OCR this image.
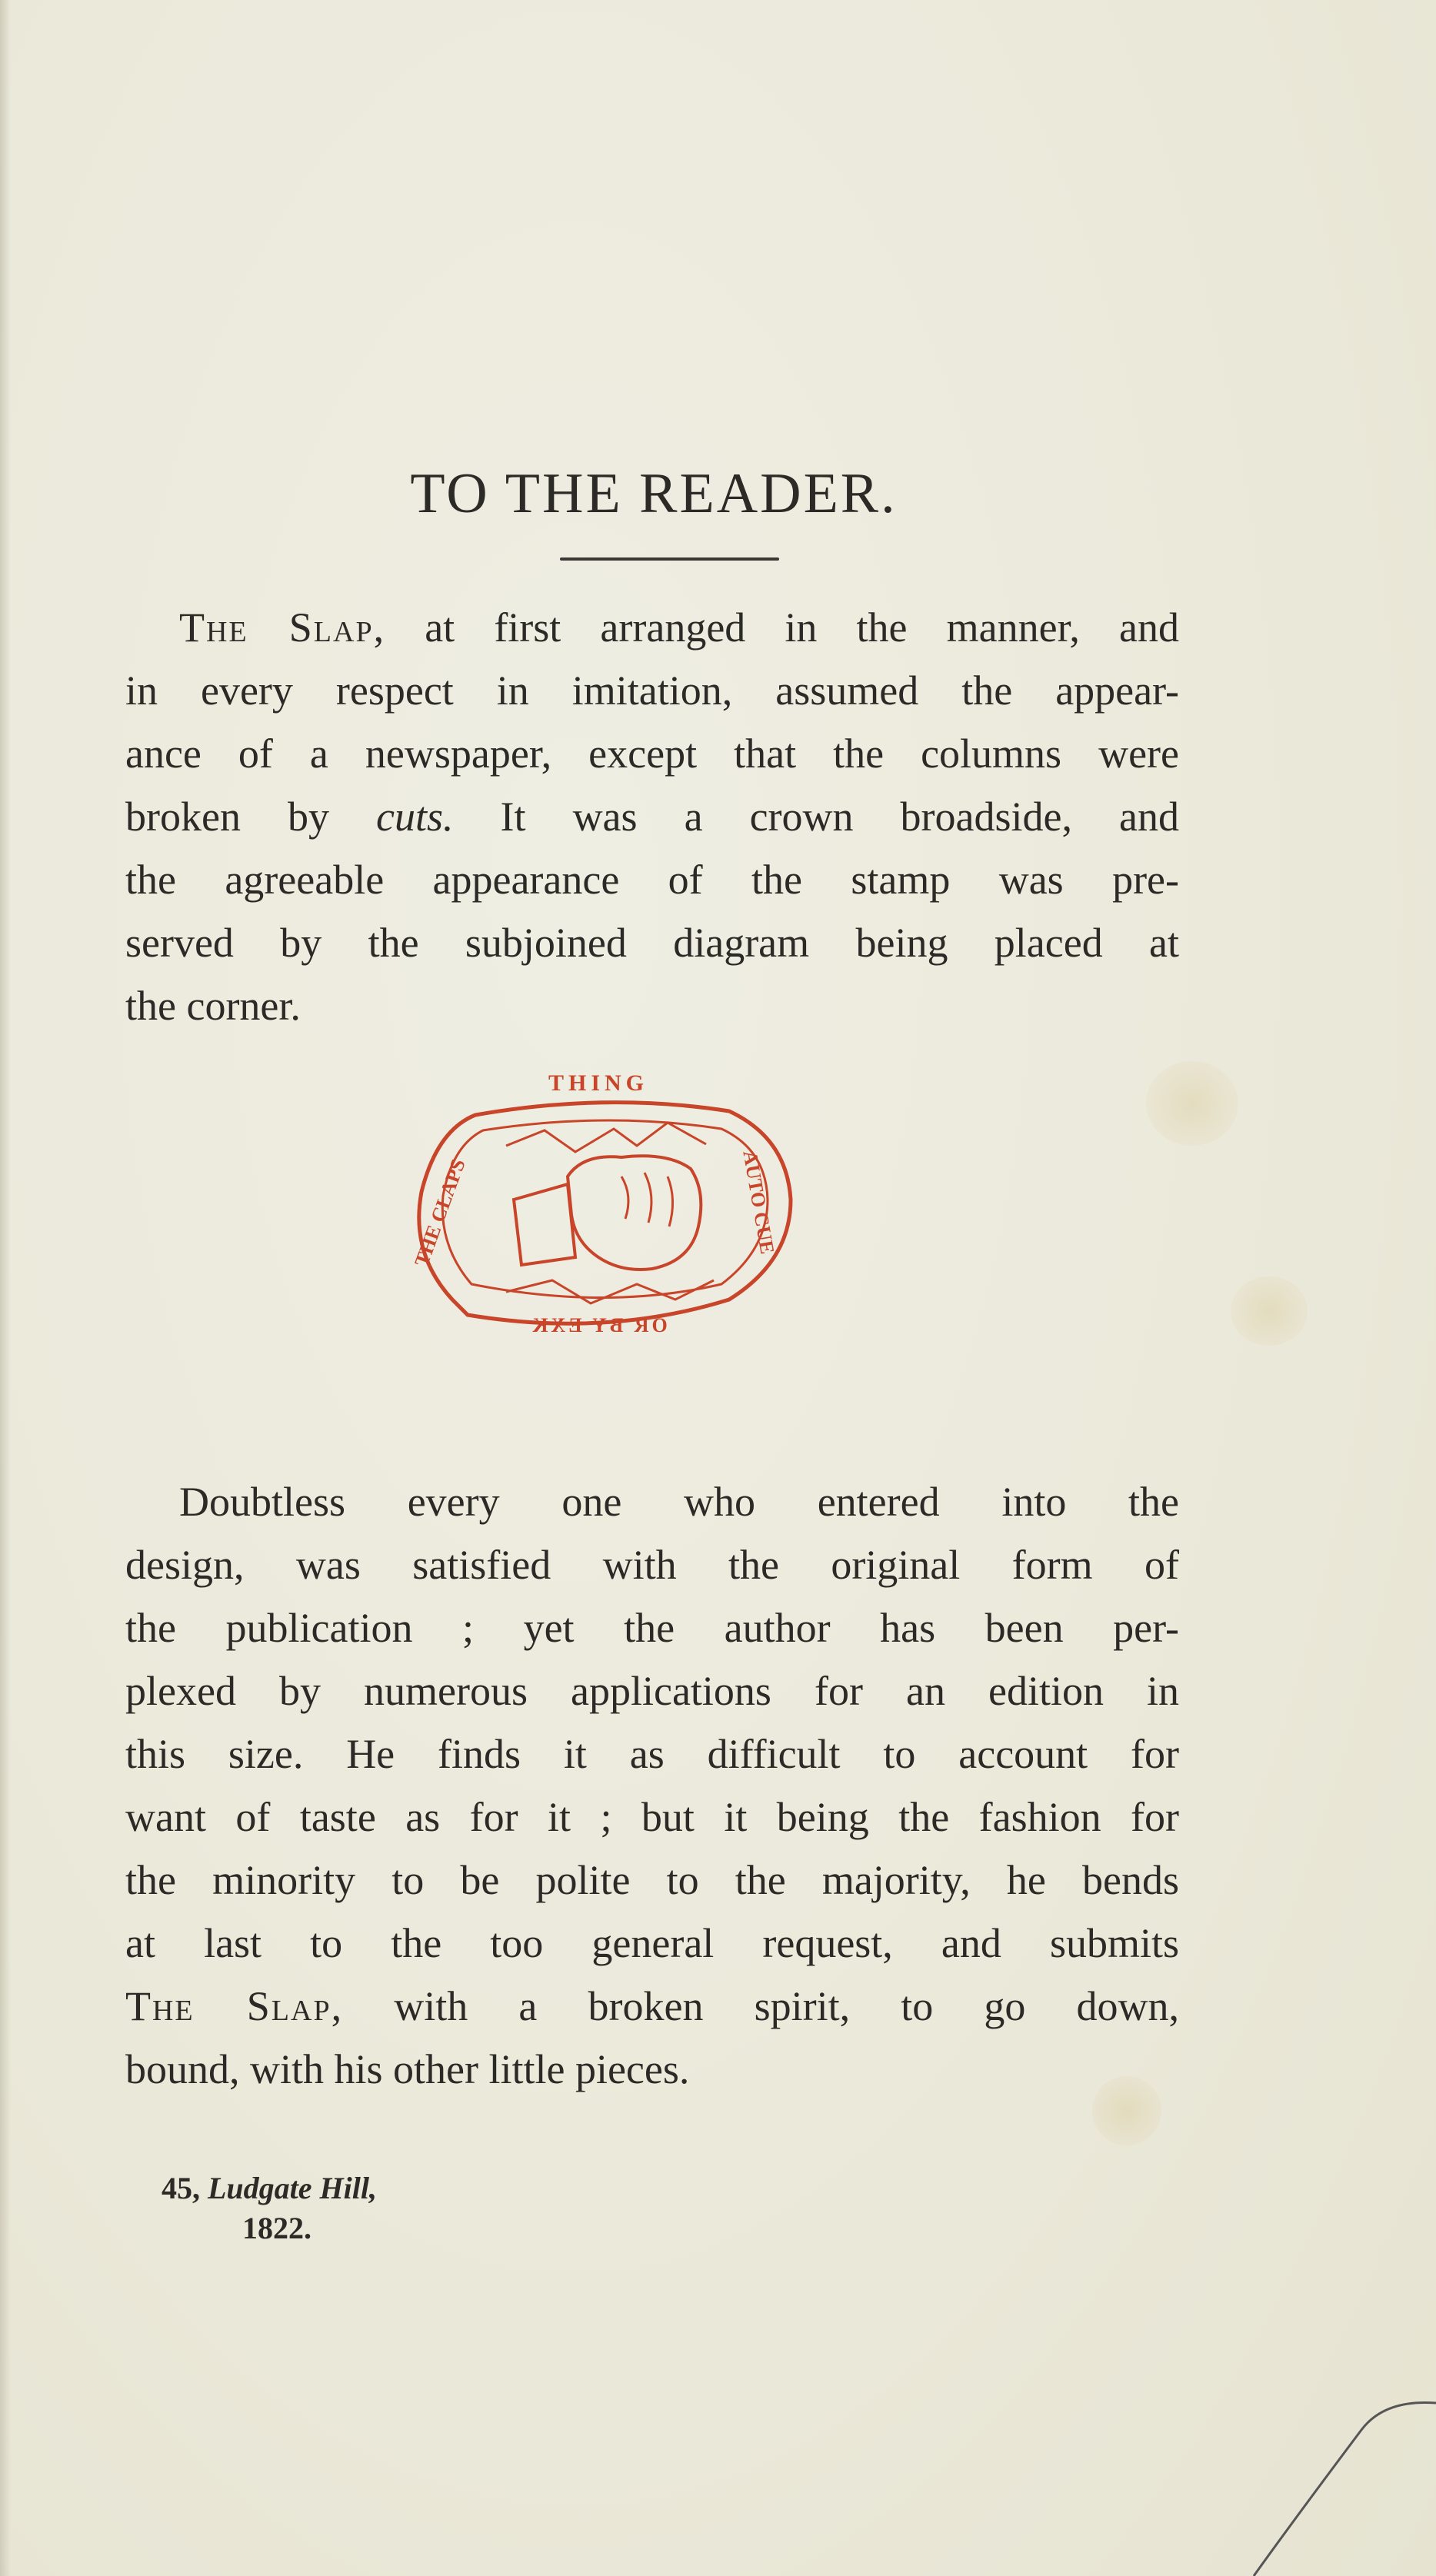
TO THE READER.
The Slap, at first arranged in the manner, and
in every respect in imitation, assumed the appear-
ance of a newspaper, except that the columns were
broken by cuts. It was a crown broadside, and
the agreeable appearance of the stamp was pre-
served by the subjoined diagram being placed at
the corner.
THING
THE CLAPS	AUTO CUE
OR BY EXK
Doubtless every one who entered into the
design, was satisfied with the original form of
the publication ; yet the author has been per-
plexed by numerous applications for an edition in
this size. He finds it as difficult to account for
want of taste as for it ; but it being the fashion for
the minority to be polite to the majority, he bends
at last to the too general request, and submits
The Slap, with a broken spirit, to go down,
bound, with his other little pieces.
45, Ludgate Hill,
1822.
